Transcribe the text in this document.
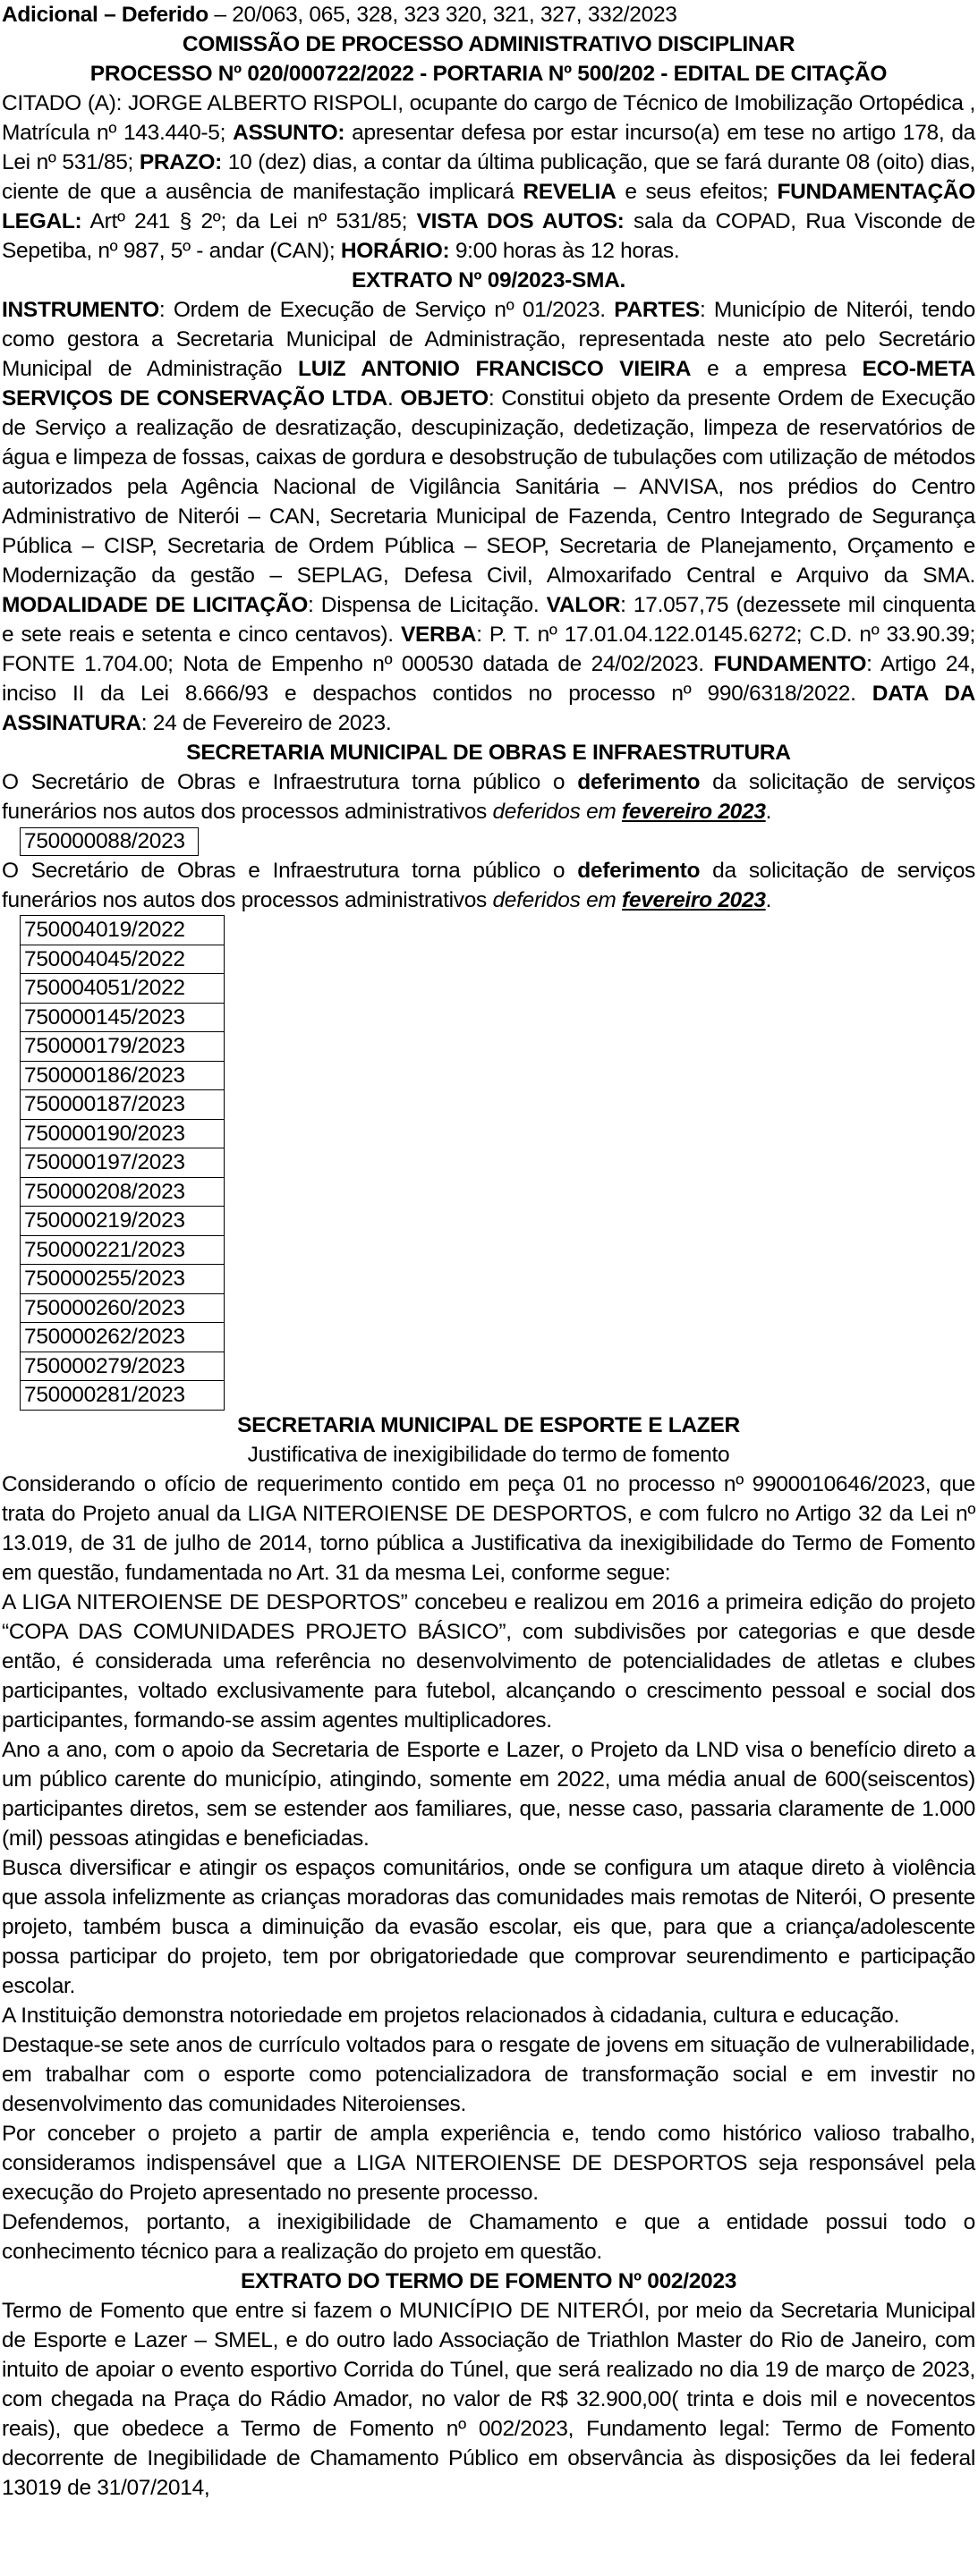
Adicional – Deferido – 20/063, 065, 328, 323 320, 321, 327, 332/2023

COMISSÃO DE PROCESSO ADMINISTRATIVO DISCIPLINAR

PROCESSO Nº 020/000722/2022 - PORTARIA Nº 500/202 - EDITAL DE CITAÇÃO

CITADO (A): JORGE ALBERTO RISPOLI, ocupante do cargo de Técnico de Imobilização Ortopédica , Matrícula nº 143.440-5; ASSUNTO: apresentar defesa por estar incurso(a) em tese no artigo 178, da Lei nº 531/85; PRAZO: 10 (dez) dias, a contar da última publicação, que se fará durante 08 (oito) dias, ciente de que a ausência de manifestação implicará REVELIA e seus efeitos; FUNDAMENTAÇÃO LEGAL: Artº 241 § 2º; da Lei nº 531/85; VISTA DOS AUTOS: sala da COPAD, Rua Visconde de Sepetiba, nº 987, 5º - andar (CAN); HORÁRIO: 9:00 horas às 12 horas.

EXTRATO Nº 09/2023-SMA.

INSTRUMENTO: Ordem de Execução de Serviço nº 01/2023. PARTES: Município de Niterói, tendo como gestora a Secretaria Municipal de Administração, representada neste ato pelo Secretário Municipal de Administração LUIZ ANTONIO FRANCISCO VIEIRA e a empresa ECO-META SERVIÇOS DE CONSERVAÇÃO LTDA. OBJETO: Constitui objeto da presente Ordem de Execução de Serviço a realização de desratização, descupinização, dedetização, limpeza de reservatórios de água e limpeza de fossas, caixas de gordura e desobstrução de tubulações com utilização de métodos autorizados pela Agência Nacional de Vigilância Sanitária – ANVISA, nos prédios do Centro Administrativo de Niterói – CAN, Secretaria Municipal de Fazenda, Centro Integrado de Segurança Pública – CISP, Secretaria de Ordem Pública – SEOP, Secretaria de Planejamento, Orçamento e Modernização da gestão – SEPLAG, Defesa Civil, Almoxarifado Central e Arquivo da SMA. MODALIDADE DE LICITAÇÃO: Dispensa de Licitação. VALOR: 17.057,75 (dezessete mil cinquenta e sete reais e setenta e cinco centavos). VERBA: P. T. nº 17.01.04.122.0145.6272; C.D. nº 33.90.39; FONTE 1.704.00; Nota de Empenho nº 000530 datada de 24/02/2023. FUNDAMENTO: Artigo 24, inciso II da Lei 8.666/93 e despachos contidos no processo nº 990/6318/2022. DATA DA ASSINATURA: 24 de Fevereiro de 2023.

SECRETARIA MUNICIPAL DE OBRAS E INFRAESTRUTURA

O Secretário de Obras e Infraestrutura torna público o deferimento da solicitação de serviços funerários nos autos dos processos administrativos deferidos em fevereiro 2023.

750000088/2023

O Secretário de Obras e Infraestrutura torna público o deferimento da solicitação de serviços funerários nos autos dos processos administrativos deferidos em fevereiro 2023.

750004019/2022
750004045/2022
750004051/2022
750000145/2023
750000179/2023
750000186/2023
750000187/2023
750000190/2023
750000197/2023
750000208/2023
750000219/2023
750000221/2023
750000255/2023
750000260/2023
750000262/2023
750000279/2023
750000281/2023

SECRETARIA MUNICIPAL DE ESPORTE E LAZER

Justificativa de inexigibilidade do termo de fomento

Considerando o ofício de requerimento contido em peça 01 no processo nº 9900010646/2023, que trata do Projeto anual da LIGA NITEROIENSE DE DESPORTOS, e com fulcro no Artigo 32 da Lei nº 13.019, de 31 de julho de 2014, torno pública a Justificativa da inexigibilidade do Termo de Fomento em questão, fundamentada no Art. 31 da mesma Lei, conforme segue:

A LIGA NITEROIENSE DE DESPORTOS” concebeu e realizou em 2016 a primeira edição do projeto “COPA DAS COMUNIDADES PROJETO BÁSICO”, com subdivisões por categorias e que desde então, é considerada uma referência no desenvolvimento de potencialidades de atletas e clubes participantes, voltado exclusivamente para futebol, alcançando o crescimento pessoal e social dos participantes, formando-se assim agentes multiplicadores.

Ano a ano, com o apoio da Secretaria de Esporte e Lazer, o Projeto da LND visa o benefício direto a um público carente do município, atingindo, somente em 2022, uma média anual de 600(seiscentos) participantes diretos, sem se estender aos familiares, que, nesse caso, passaria claramente de 1.000 (mil) pessoas atingidas e beneficiadas.

Busca diversificar e atingir os espaços comunitários, onde se configura um ataque direto à violência que assola infelizmente as crianças moradoras das comunidades mais remotas de Niterói, O presente projeto, também busca a diminuição da evasão escolar, eis que, para que a criança/adolescente possa participar do projeto, tem por obrigatoriedade que comprovar seurendimento e participação escolar.

A Instituição demonstra notoriedade em projetos relacionados à cidadania, cultura e educação.

Destaque-se sete anos de currículo voltados para o resgate de jovens em situação de vulnerabilidade, em trabalhar com o esporte como potencializadora de transformação social e em investir no desenvolvimento das comunidades Niteroienses.

Por conceber o projeto a partir de ampla experiência e, tendo como histórico valioso trabalho, consideramos indispensável que a LIGA NITEROIENSE DE DESPORTOS seja responsável pela execução do Projeto apresentado no presente processo.

Defendemos, portanto, a inexigibilidade de Chamamento e que a entidade possui todo o conhecimento técnico para a realização do projeto em questão.

EXTRATO DO TERMO DE FOMENTO Nº 002/2023

Termo de Fomento que entre si fazem o MUNICÍPIO DE NITERÓI, por meio da Secretaria Municipal de Esporte e Lazer – SMEL, e do outro lado Associação de Triathlon Master do Rio de Janeiro, com intuito de apoiar o evento esportivo Corrida do Túnel, que será realizado no dia 19 de março de 2023, com chegada na Praça do Rádio Amador, no valor de R$ 32.900,00( trinta e dois mil e novecentos reais), que obedece a Termo de Fomento nº 002/2023, Fundamento legal: Termo de Fomento decorrente de Inegibilidade de Chamamento Público em observância às disposições da lei federal 13019 de 31/07/2014,
